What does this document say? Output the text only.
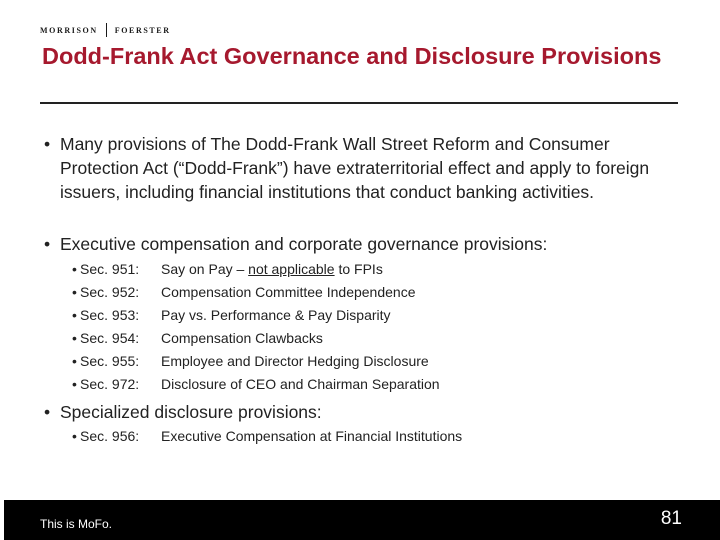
MORRISON FOERSTER
Dodd-Frank Act Governance and Disclosure Provisions
• Many provisions of The Dodd-Frank Wall Street Reform and Consumer Protection Act (“Dodd-Frank”) have extraterritorial effect and apply to foreign issuers, including financial institutions that conduct banking activities.
• Executive compensation and corporate governance provisions:
• Sec. 951: Say on Pay – not applicable to FPIs
• Sec. 952: Compensation Committee Independence
• Sec. 953: Pay vs. Performance & Pay Disparity
• Sec. 954: Compensation Clawbacks
• Sec. 955: Employee and Director Hedging Disclosure
• Sec. 972: Disclosure of CEO and Chairman Separation
• Specialized disclosure provisions:
• Sec. 956: Executive Compensation at Financial Institutions
This is MoFo.	81
